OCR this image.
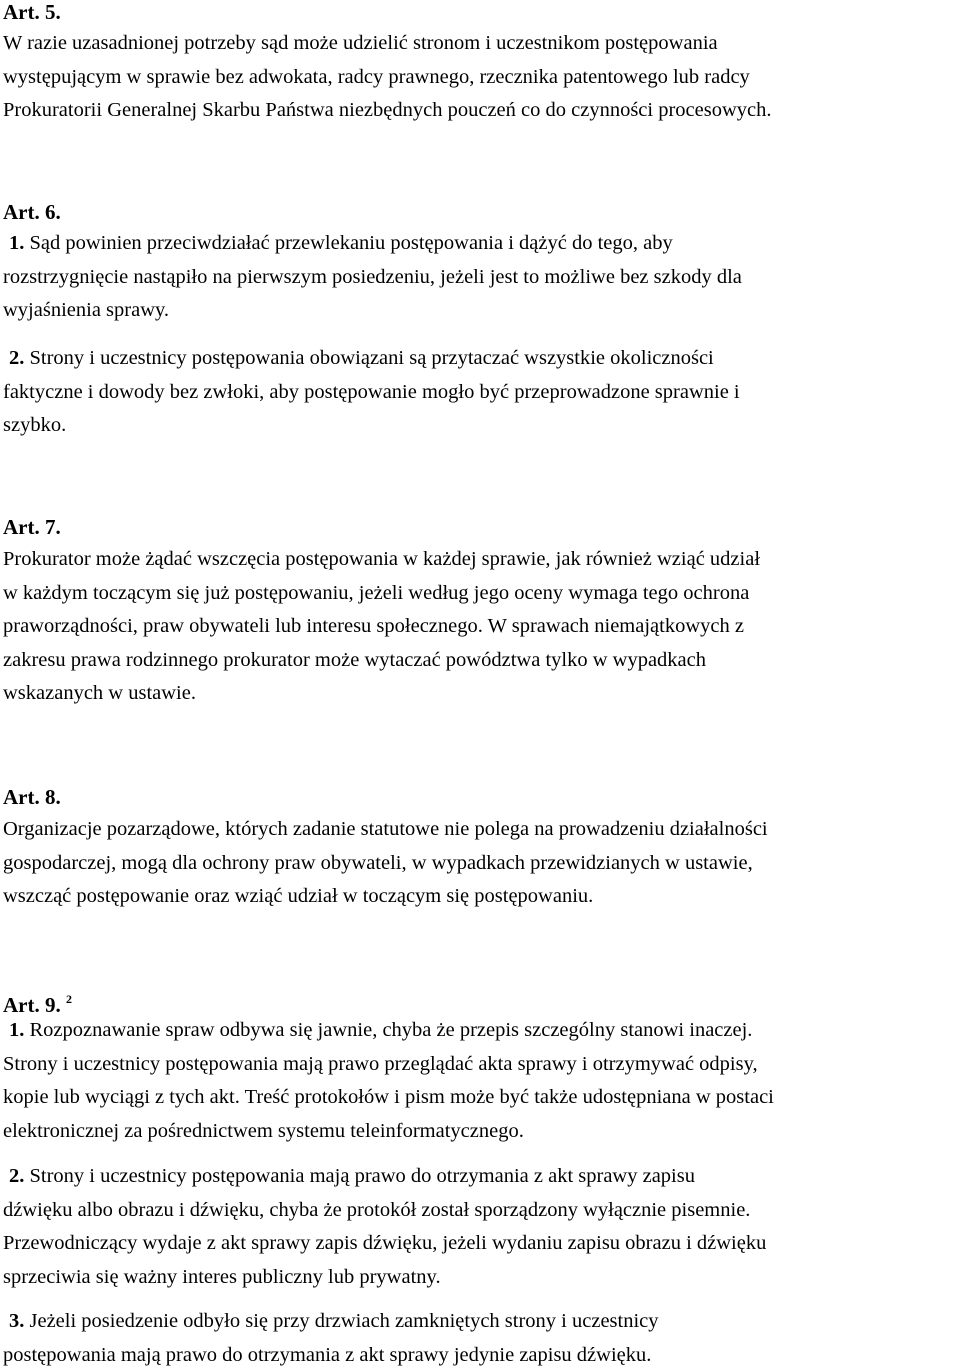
Art. 5.
W razie uzasadnionej potrzeby sąd może udzielić stronom i uczestnikom postępowania
występującym w sprawie bez adwokata, radcy prawnego, rzecznika patentowego lub radcy
Prokuratorii Generalnej Skarbu Państwa niezbędnych pouczeń co do czynności procesowych.
Art. 6.
1. Sąd powinien przeciwdziałać przewlekaniu postępowania i dążyć do tego, aby
rozstrzygnięcie nastąpiło na pierwszym posiedzeniu, jeżeli jest to możliwe bez szkody dla
wyjaśnienia sprawy.
2. Strony i uczestnicy postępowania obowiązani są przytaczać wszystkie okoliczności
faktyczne i dowody bez zwłoki, aby postępowanie mogło być przeprowadzone sprawnie i
szybko.
Art. 7.
Prokurator może żądać wszczęcia postępowania w każdej sprawie, jak również wziąć udział
w każdym toczącym się już postępowaniu, jeżeli według jego oceny wymaga tego ochrona
praworządności, praw obywateli lub interesu społecznego. W sprawach niemajątkowych z
zakresu prawa rodzinnego prokurator może wytaczać powództwa tylko w wypadkach
wskazanych w ustawie.
Art. 8.
Organizacje pozarządowe, których zadanie statutowe nie polega na prowadzeniu działalności
gospodarczej, mogą dla ochrony praw obywateli, w wypadkach przewidzianych w ustawie,
wszcząć postępowanie oraz wziąć udział w toczącym się postępowaniu.
Art. 9. $^2$
1. Rozpoznawanie spraw odbywa się jawnie, chyba że przepis szczególny stanowi inaczej.
Strony i uczestnicy postępowania mają prawo przeglądać akta sprawy i otrzymywać odpisy,
kopie lub wyciągi z tych akt. Treść protokołów i pism może być także udostępniana w postaci
elektronicznej za pośrednictwem systemu teleinformatycznego.
2. Strony i uczestnicy postępowania mają prawo do otrzymania z akt sprawy zapisu
dźwięku albo obrazu i dźwięku, chyba że protokół został sporządzony wyłącznie pisemnie.
Przewodniczący wydaje z akt sprawy zapis dźwięku, jeżeli wydaniu zapisu obrazu i dźwięku
sprzeciwia się ważny interes publiczny lub prywatny.
3. Jeżeli posiedzenie odbyło się przy drzwiach zamkniętych strony i uczestnicy
postępowania mają prawo do otrzymania z akt sprawy jedynie zapisu dźwięku.
